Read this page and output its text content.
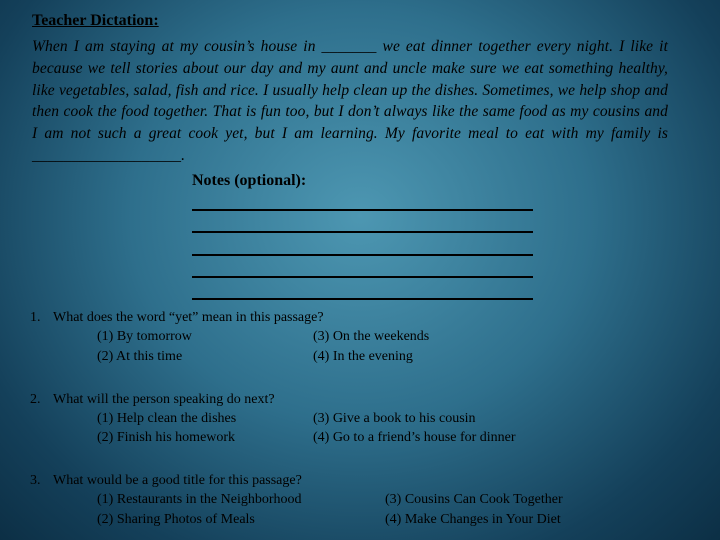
Teacher Dictation:

When I am staying at my cousin’s house in _______ we eat dinner together every night. I like it because we tell stories about our day and my aunt and uncle make sure we eat something healthy, like vegetables, salad, fish and rice. I usually help clean up the dishes. Sometimes, we help shop and then cook the food together. That is fun too, but I don’t always like the same food as my cousins and I am not such a great cook yet, but I am learning. My favorite meal to eat with my family is ___________________.

Notes (optional):

1. What does the word “yet” mean in this passage?
(1) By tomorrow
(2) At this time
(3) On the weekends
(4) In the evening
2. What will the person speaking do next?
(1) Help clean the dishes
(2) Finish his homework
(3) Give a book to his cousin
(4) Go to a friend’s house for dinner
3. What would be a good title for this passage?
(1) Restaurants in the Neighborhood
(2) Sharing Photos of Meals
(3) Cousins Can Cook Together
(4) Make Changes in Your Diet
